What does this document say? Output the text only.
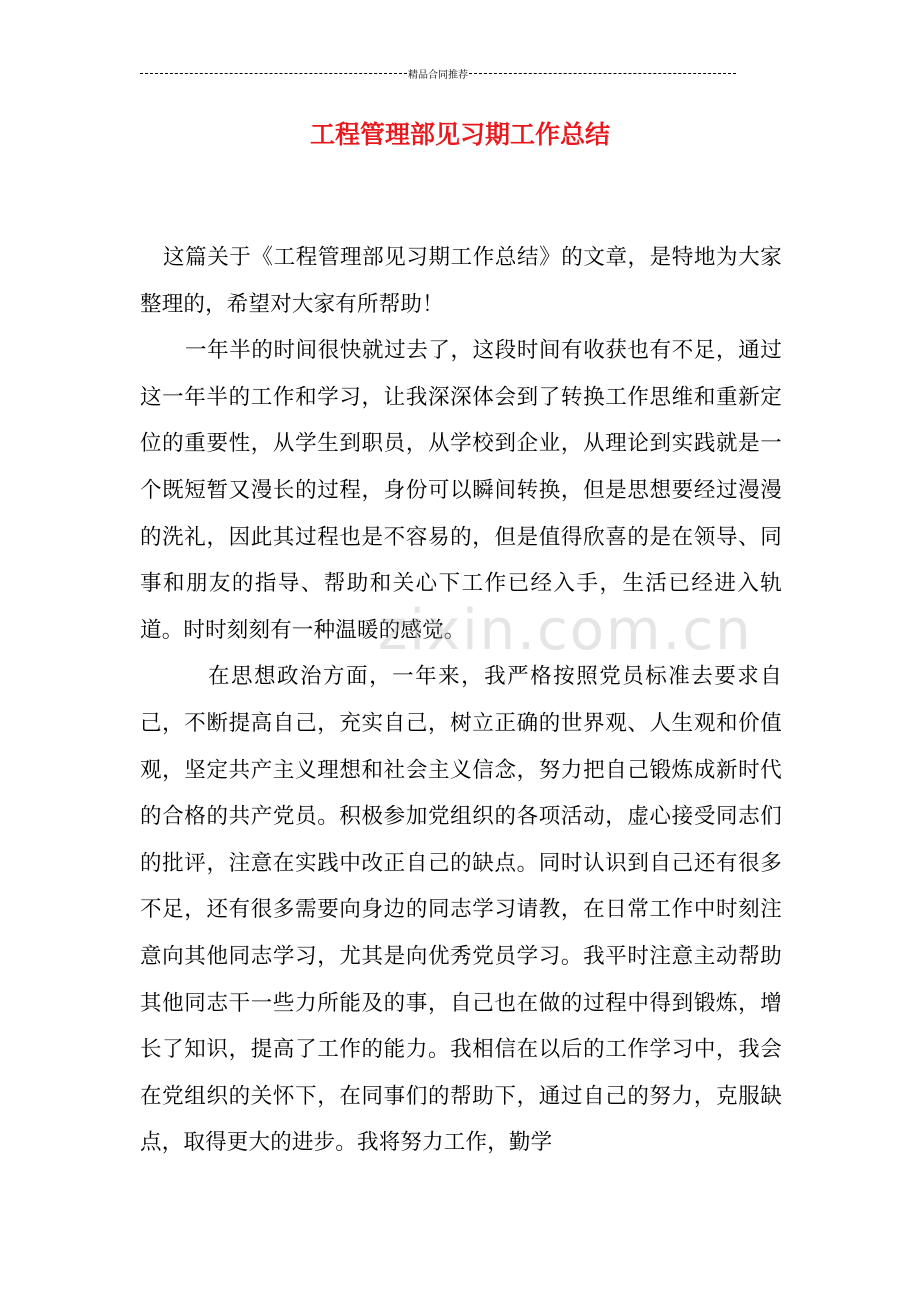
精品合同推荐
工程管理部见习期工作总结

这篇关于《工程管理部见习期工作总结》的文章，是特地为大家整理的，希望对大家有所帮助！

一年半的时间很快就过去了，这段时间有收获也有不足，通过这一年半的工作和学习，让我深深体会到了转换工作思维和重新定位的重要性，从学生到职员，从学校到企业，从理论到实践就是一个既短暂又漫长的过程，身份可以瞬间转换，但是思想要经过漫漫的洗礼，因此其过程也是不容易的，但是值得欣喜的是在领导、同事和朋友的指导、帮助和关心下工作已经入手，生活已经进入轨道。时时刻刻有一种温暖的感觉。

在思想政治方面，一年来，我严格按照党员标准去要求自己，不断提高自己，充实自己，树立正确的世界观、人生观和价值观，坚定共产主义理想和社会主义信念，努力把自己锻炼成新时代的合格的共产党员。积极参加党组织的各项活动，虚心接受同志们的批评，注意在实践中改正自己的缺点。同时认识到自己还有很多不足，还有很多需要向身边的同志学习请教，在日常工作中时刻注意向其他同志学习，尤其是向优秀党员学习。我平时注意主动帮助其他同志干一些力所能及的事，自己也在做的过程中得到锻炼，增长了知识，提高了工作的能力。我相信在以后的工作学习中，我会在党组织的关怀下，在同事们的帮助下，通过自己的努力，克服缺点，取得更大的进步。我将努力工作，勤学

zixin.com.cn
